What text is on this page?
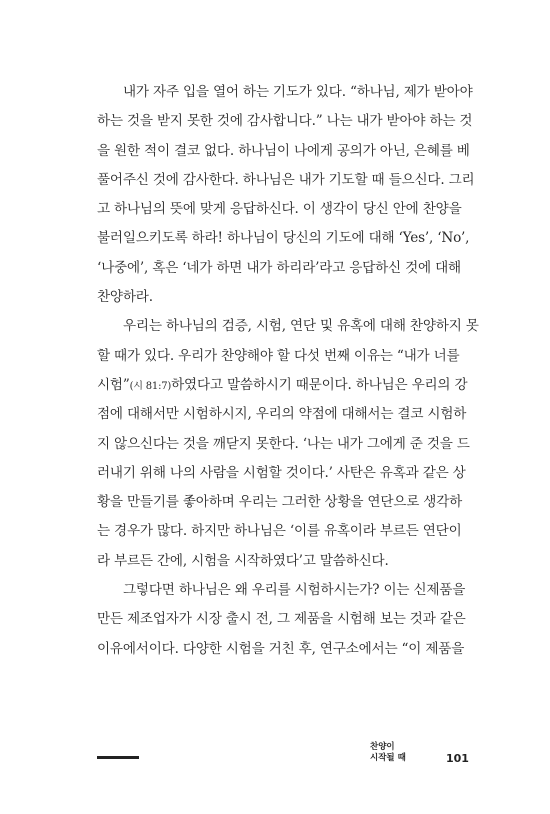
내가 자주 입을 열어 하는 기도가 있다. “하나님, 제가 받아야
하는 것을 받지 못한 것에 감사합니다.” 나는 내가 받아야 하는 것
을 원한 적이 결코 없다. 하나님이 나에게 공의가 아닌, 은혜를 베
풀어주신 것에 감사한다. 하나님은 내가 기도할 때 들으신다. 그리
고 하나님의 뜻에 맞게 응답하신다. 이 생각이 당신 안에 찬양을
불러일으키도록 하라! 하나님이 당신의 기도에 대해 ‘Yes’, ‘No’,
‘나중에’, 혹은 ‘네가 하면 내가 하리라’라고 응답하신 것에 대해
찬양하라.
우리는 하나님의 검증, 시험, 연단 및 유혹에 대해 찬양하지 못
할 때가 있다. 우리가 찬양해야 할 다섯 번째 이유는 “내가 너를
시험”(시 81:7)하였다고 말씀하시기 때문이다. 하나님은 우리의 강
점에 대해서만 시험하시지, 우리의 약점에 대해서는 결코 시험하
지 않으신다는 것을 깨닫지 못한다. ‘나는 내가 그에게 준 것을 드
러내기 위해 나의 사람을 시험할 것이다.’ 사탄은 유혹과 같은 상
황을 만들기를 좋아하며 우리는 그러한 상황을 연단으로 생각하
는 경우가 많다. 하지만 하나님은 ‘이를 유혹이라 부르든 연단이
라 부르든 간에, 시험을 시작하였다’고 말씀하신다.
그렇다면 하나님은 왜 우리를 시험하시는가? 이는 신제품을
만든 제조업자가 시장 출시 전, 그 제품을 시험해 보는 것과 같은
이유에서이다. 다양한 시험을 거친 후, 연구소에서는 “이 제품을
찬양이
시작될 때	101
